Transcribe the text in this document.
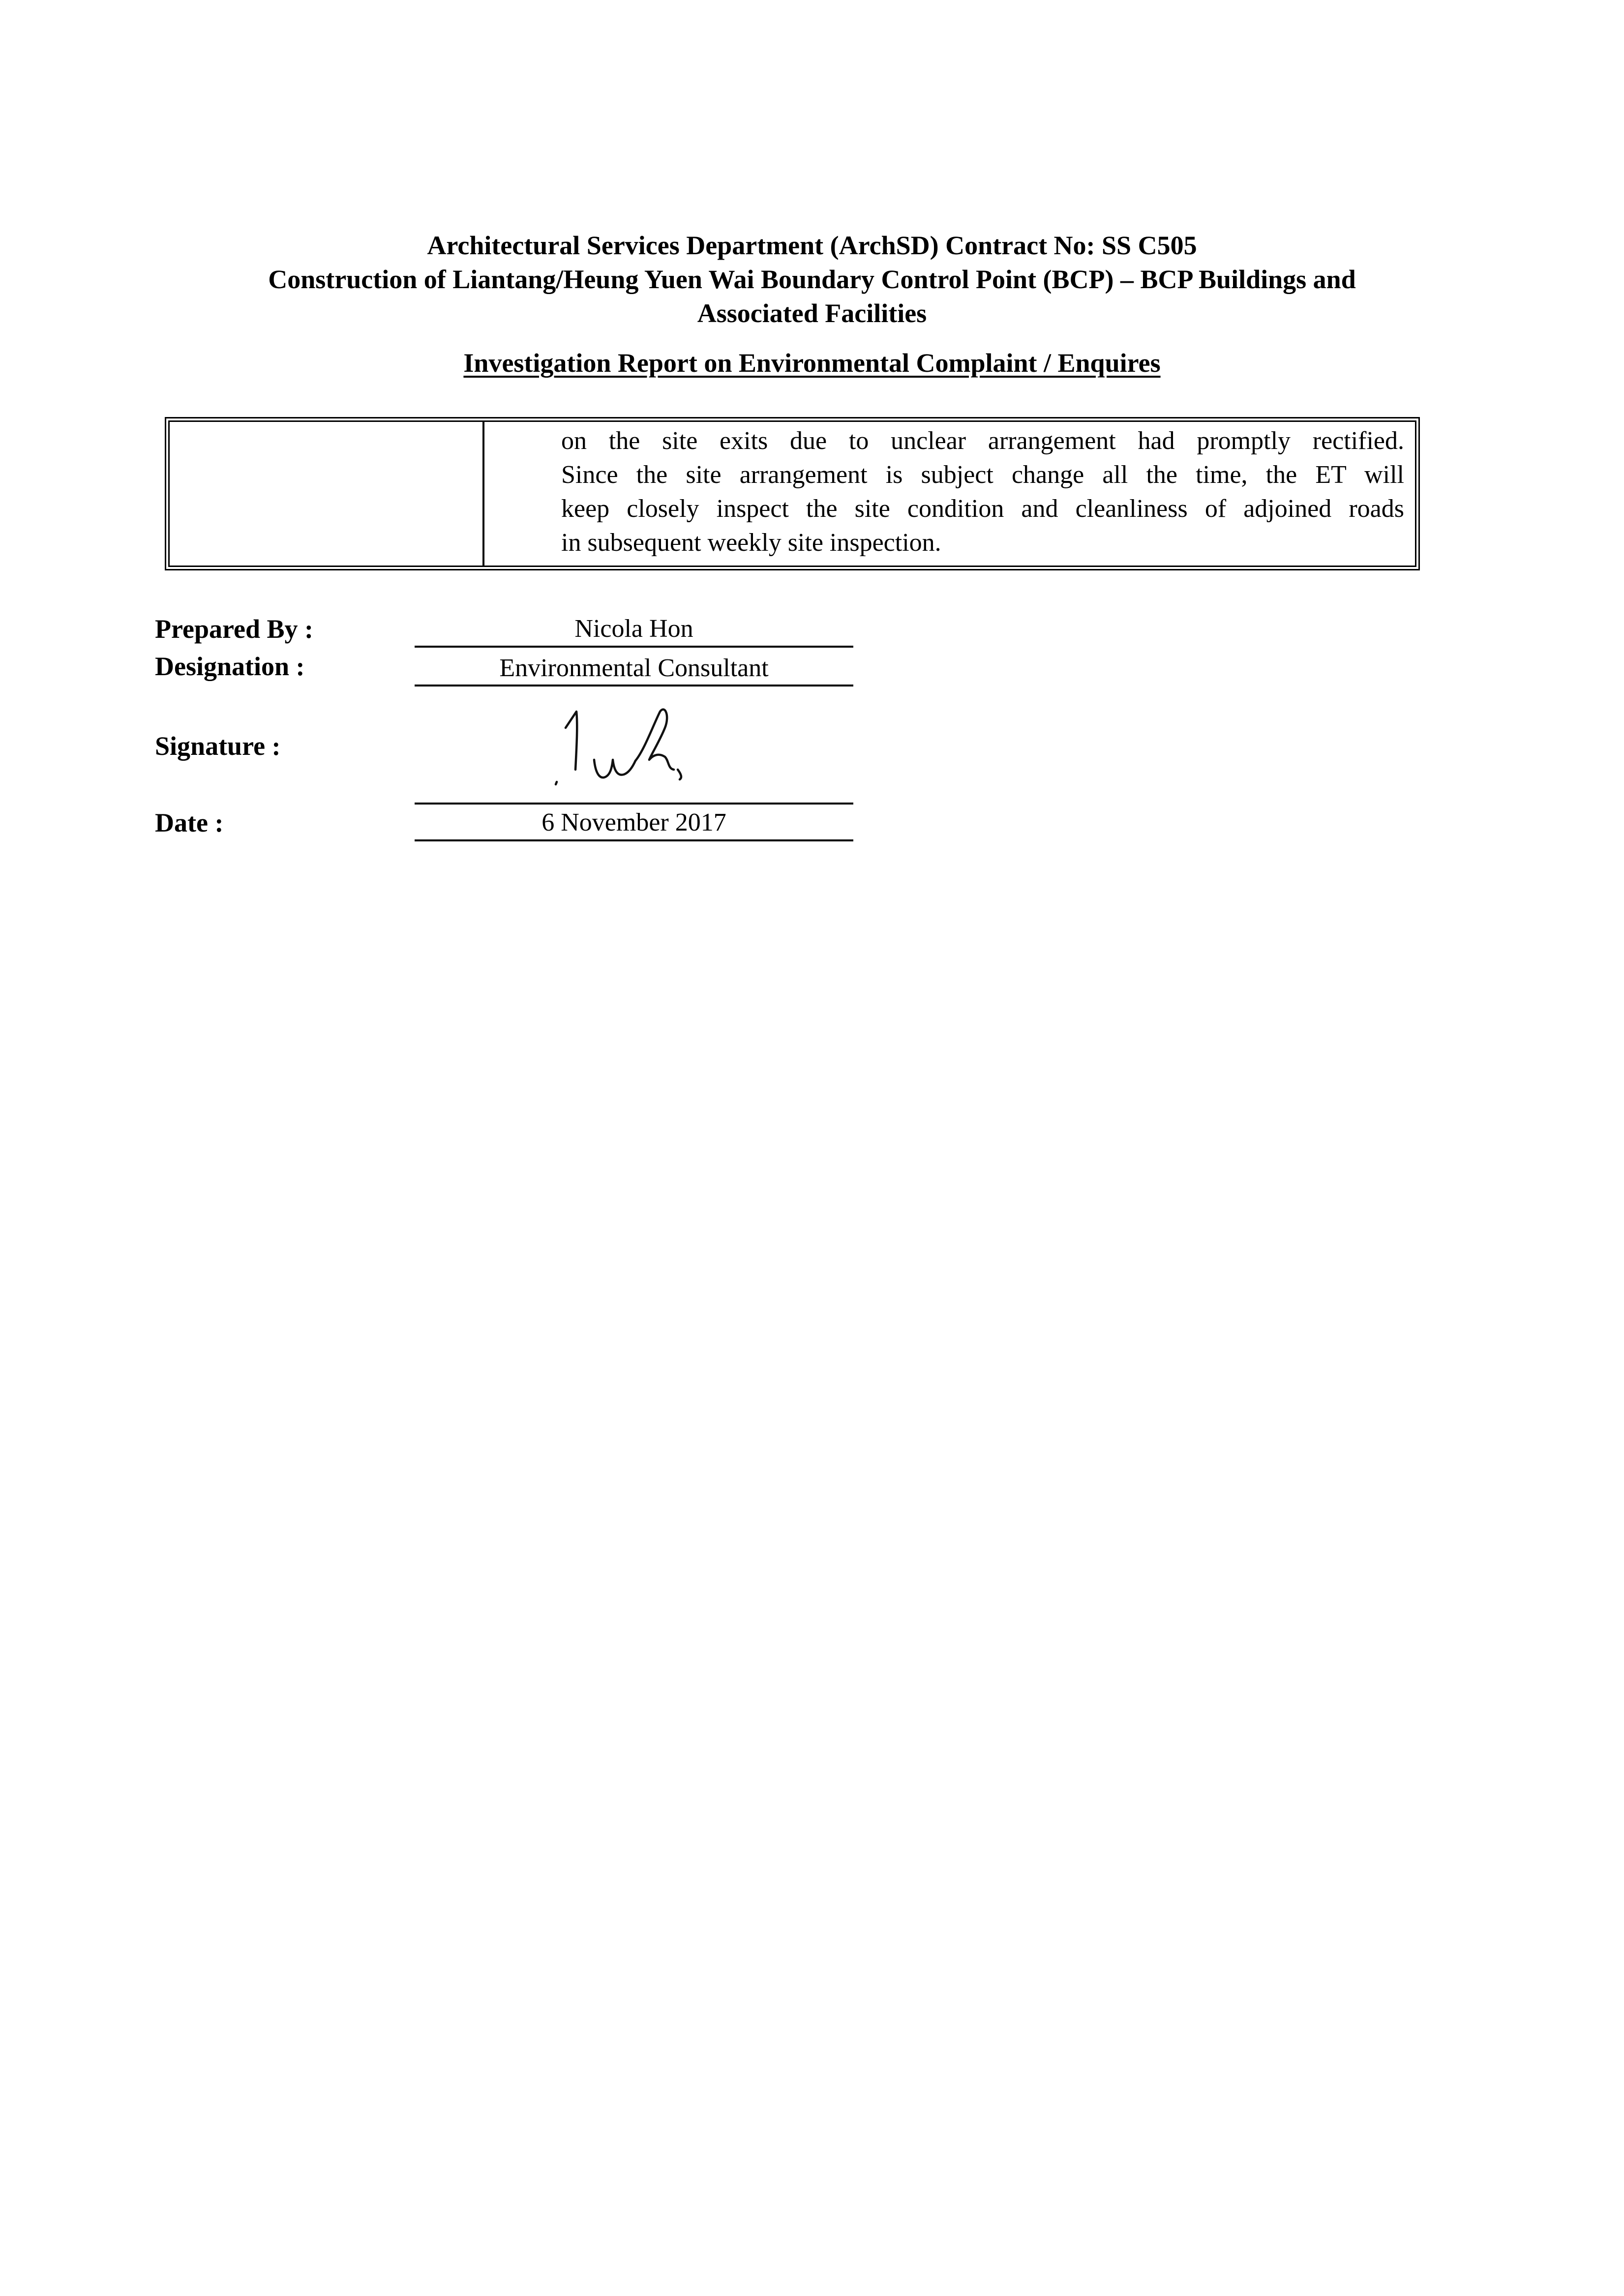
Architectural Services Department (ArchSD) Contract No: SS C505
Construction of Liantang/Heung Yuen Wai Boundary Control Point (BCP) – BCP Buildings and
Associated Facilities
Investigation Report on Environmental Complaint / Enquires
on the site exits due to unclear arrangement had promptly rectified.
Since the site arrangement is subject change all the time, the ET will
keep closely inspect the site condition and cleanliness of adjoined roads
in subsequent weekly site inspection.
Prepared By :	Nicola Hon
Designation :	Environmental Consultant
Signature :
Date :	6 November 2017
